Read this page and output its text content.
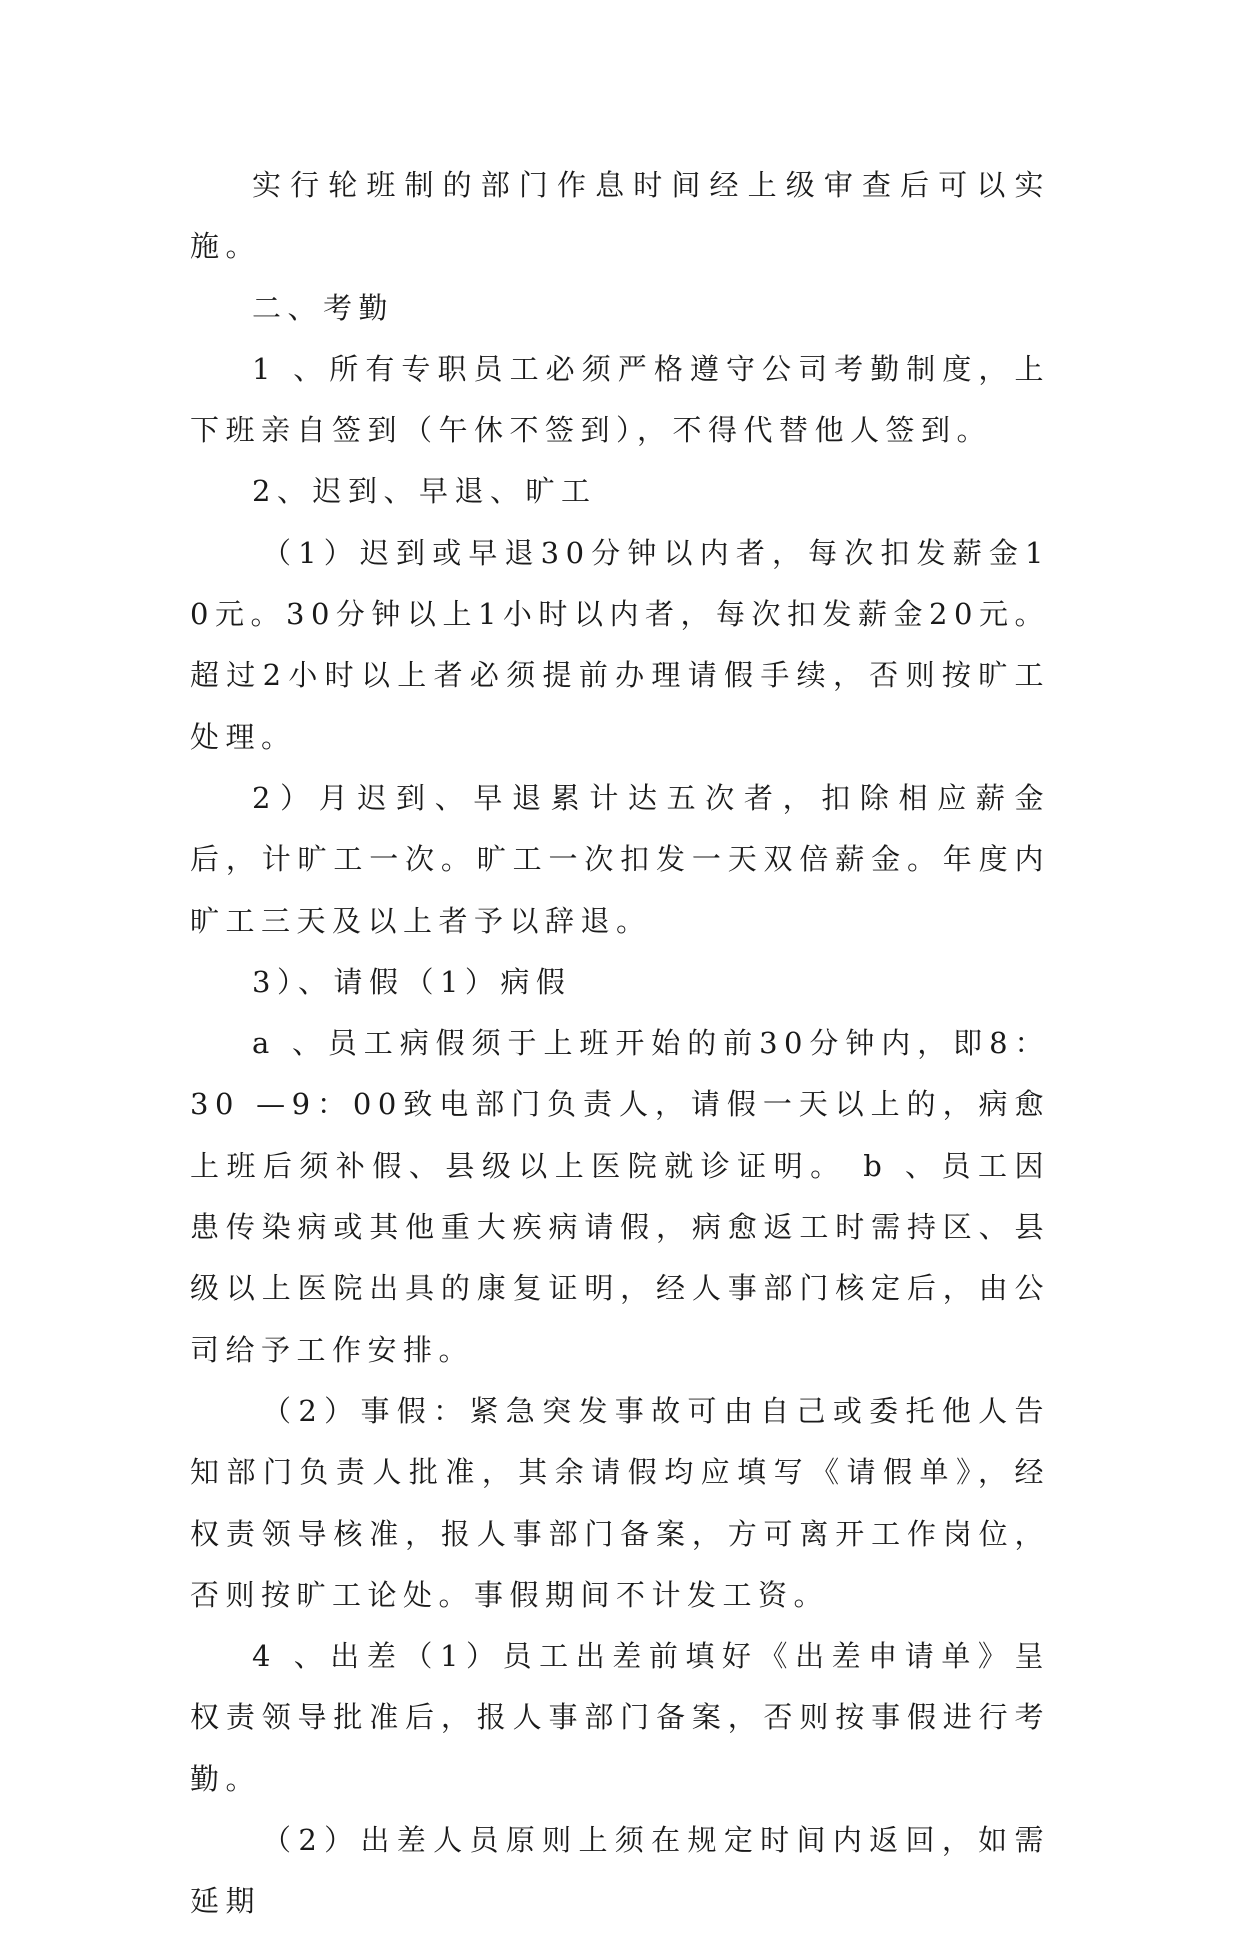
实行轮班制的部门作息时间经上级审查后可以实施。

二、考勤

1 、所有专职员工必须严格遵守公司考勤制度，上下班亲自签到（午休不签到），不得代替他人签到。

2、迟到、早退、旷工

（1）迟到或早退30分钟以内者，每次扣发薪金10元。30分钟以上1小时以内者，每次扣发薪金20元。超过2小时以上者必须提前办理请假手续，否则按旷工处理。

2）月迟到、早退累计达五次者，扣除相应薪金后，计旷工一次。旷工一次扣发一天双倍薪金。年度内旷工三天及以上者予以辞退。

3）、请假（1）病假

a 、员工病假须于上班开始的前30分钟内，即8：30 —9：00致电部门负责人，请假一天以上的，病愈上班后须补假、县级以上医院就诊证明。 b 、员工因患传染病或其他重大疾病请假，病愈返工时需持区、县级以上医院出具的康复证明，经人事部门核定后，由公司给予工作安排。

（2）事假：紧急突发事故可由自己或委托他人告知部门负责人批准，其余请假均应填写《请假单》，经权责领导核准，报人事部门备案，方可离开工作岗位，否则按旷工论处。事假期间不计发工资。

4 、出差（1）员工出差前填好《出差申请单》呈权责领导批准后，报人事部门备案，否则按事假进行考勤。

（2）出差人员原则上须在规定时间内返回，如需延期
